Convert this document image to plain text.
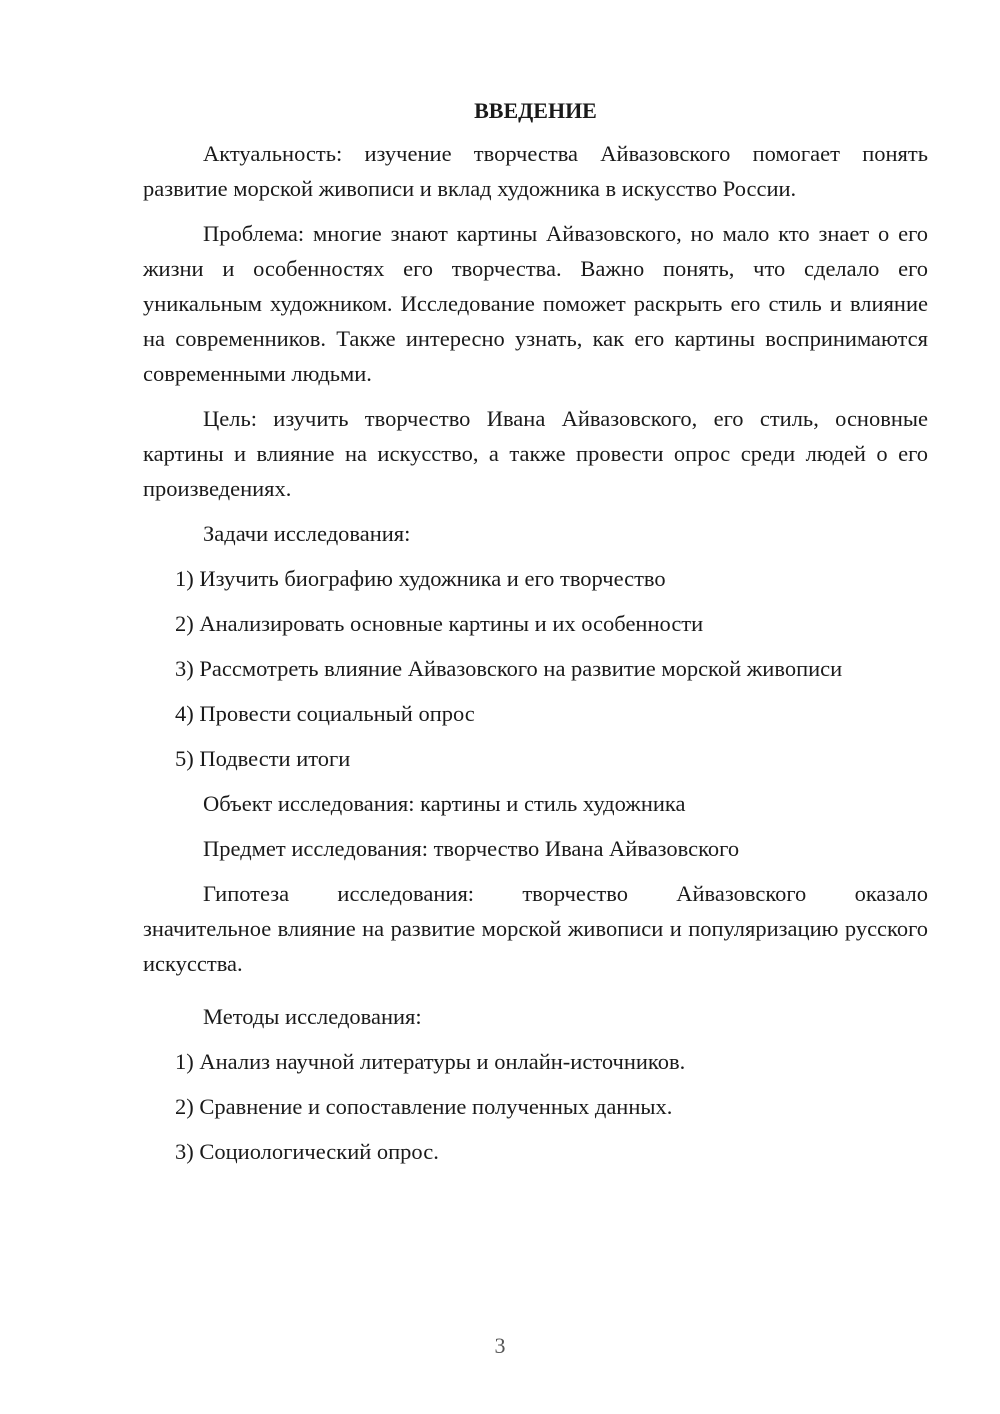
ВВЕДЕНИЕ

Актуальность: изучение творчества Айвазовского помогает понять развитие морской живописи и вклад художника в искусство России.

Проблема: многие знают картины Айвазовского, но мало кто знает о его жизни и особенностях его творчества. Важно понять, что сделало его уникальным художником. Исследование поможет раскрыть его стиль и влияние на современников. Также интересно узнать, как его картины воспринимаются современными людьми.

Цель: изучить творчество Ивана Айвазовского, его стиль, основные картины и влияние на искусство, а также провести опрос среди людей о его произведениях.

Задачи исследования:

1) Изучить биографию художника и его творчество

2) Анализировать основные картины и их особенности

3) Рассмотреть влияние Айвазовского на развитие морской живописи

4) Провести социальный опрос

5) Подвести итоги

Объект исследования: картины и стиль художника

Предмет исследования: творчество Ивана Айвазовского

Гипотеза исследования: творчество Айвазовского оказало
значительное влияние на развитие морской живописи и популяризацию русского искусства.

Методы исследования:

1) Анализ научной литературы и онлайн-источников.

2) Сравнение и сопоставление полученных данных.

3) Социологический опрос.

3
